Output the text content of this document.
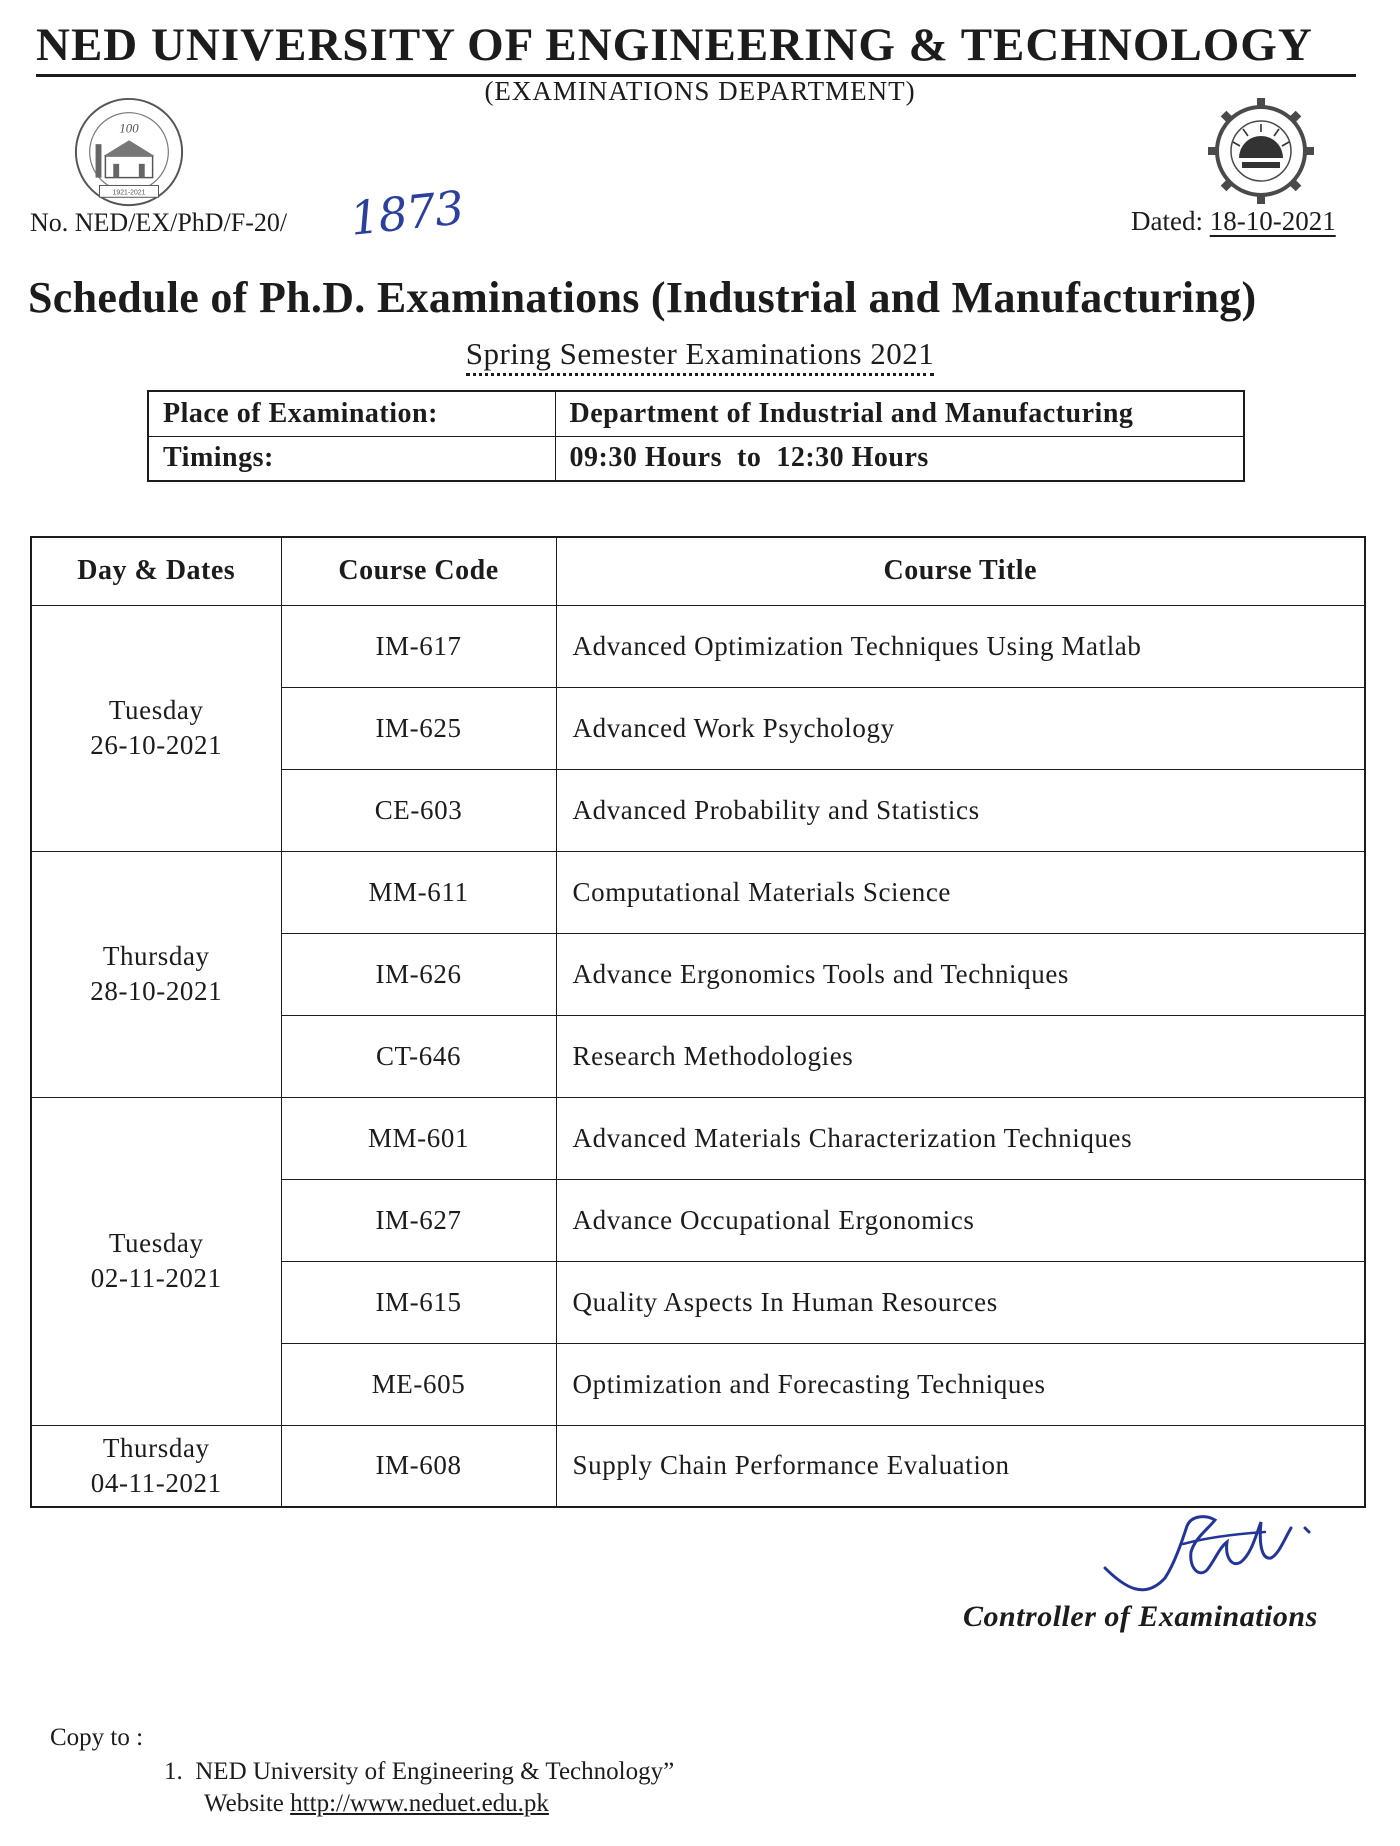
NED UNIVERSITY OF ENGINEERING & TECHNOLOGY
(EXAMINATIONS DEPARTMENT)
100
1921-2021
No. NED/EX/PhD/F-20/ 1873	Dated: 18-10-2021
Schedule of Ph.D. Examinations (Industrial and Manufacturing)
Spring Semester Examinations 2021
Place of Examination:	Department of Industrial and Manufacturing
Timings:	09:30 Hours  to  12:30 Hours
Day & Dates	Course Code	Course Title

Tuesday
26-10-2021	IM-617	Advanced Optimization Techniques Using Matlab
	IM-625	Advanced Work Psychology
	CE-603	Advanced Probability and Statistics

Thursday
28-10-2021	MM-611	Computational Materials Science
	IM-626	Advance Ergonomics Tools and Techniques
	CT-646	Research Methodologies

Tuesday
02-11-2021	MM-601	Advanced Materials Characterization Techniques
	IM-627	Advance Occupational Ergonomics
	IM-615	Quality Aspects In Human Resources
	ME-605	Optimization and Forecasting Techniques

Thursday
04-11-2021	IM-608	Supply Chain Performance Evaluation
Controller of Examinations
Copy to :
1.  NED University of Engineering & Technology”
Website http://www.neduet.edu.pk
